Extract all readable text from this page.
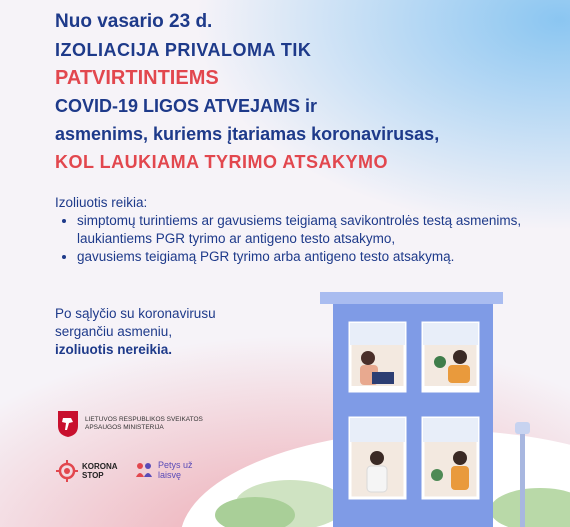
Nuo vasario 23 d.
IZOLIACIJA PRIVALOMA TIK
PATVIRTINTIEMS
COVID-19 LIGOS ATVEJAMS ir
asmenims, kuriems įtariamas koronavirusas,
KOL LAUKIAMA TYRIMO ATSAKYMO
Izoliuotis reikia:
• simptomų turintiems ar gavusiems teigiamą savikontrolės testą asmenims, laukiantiems PGR tyrimo ar antigeno testo atsakymo,
• gavusiems teigiamą PGR tyrimo arba antigeno testo atsakymą.
Po sąlyčio su koronavirusu
sergančiu asmeniu,
izoliuotis nereikia.
LIETUVOS RESPUBLIKOS SVEIKATOS APSAUGOS MINISTERIJA
KORONA
STOP
Petys už
laisvę
